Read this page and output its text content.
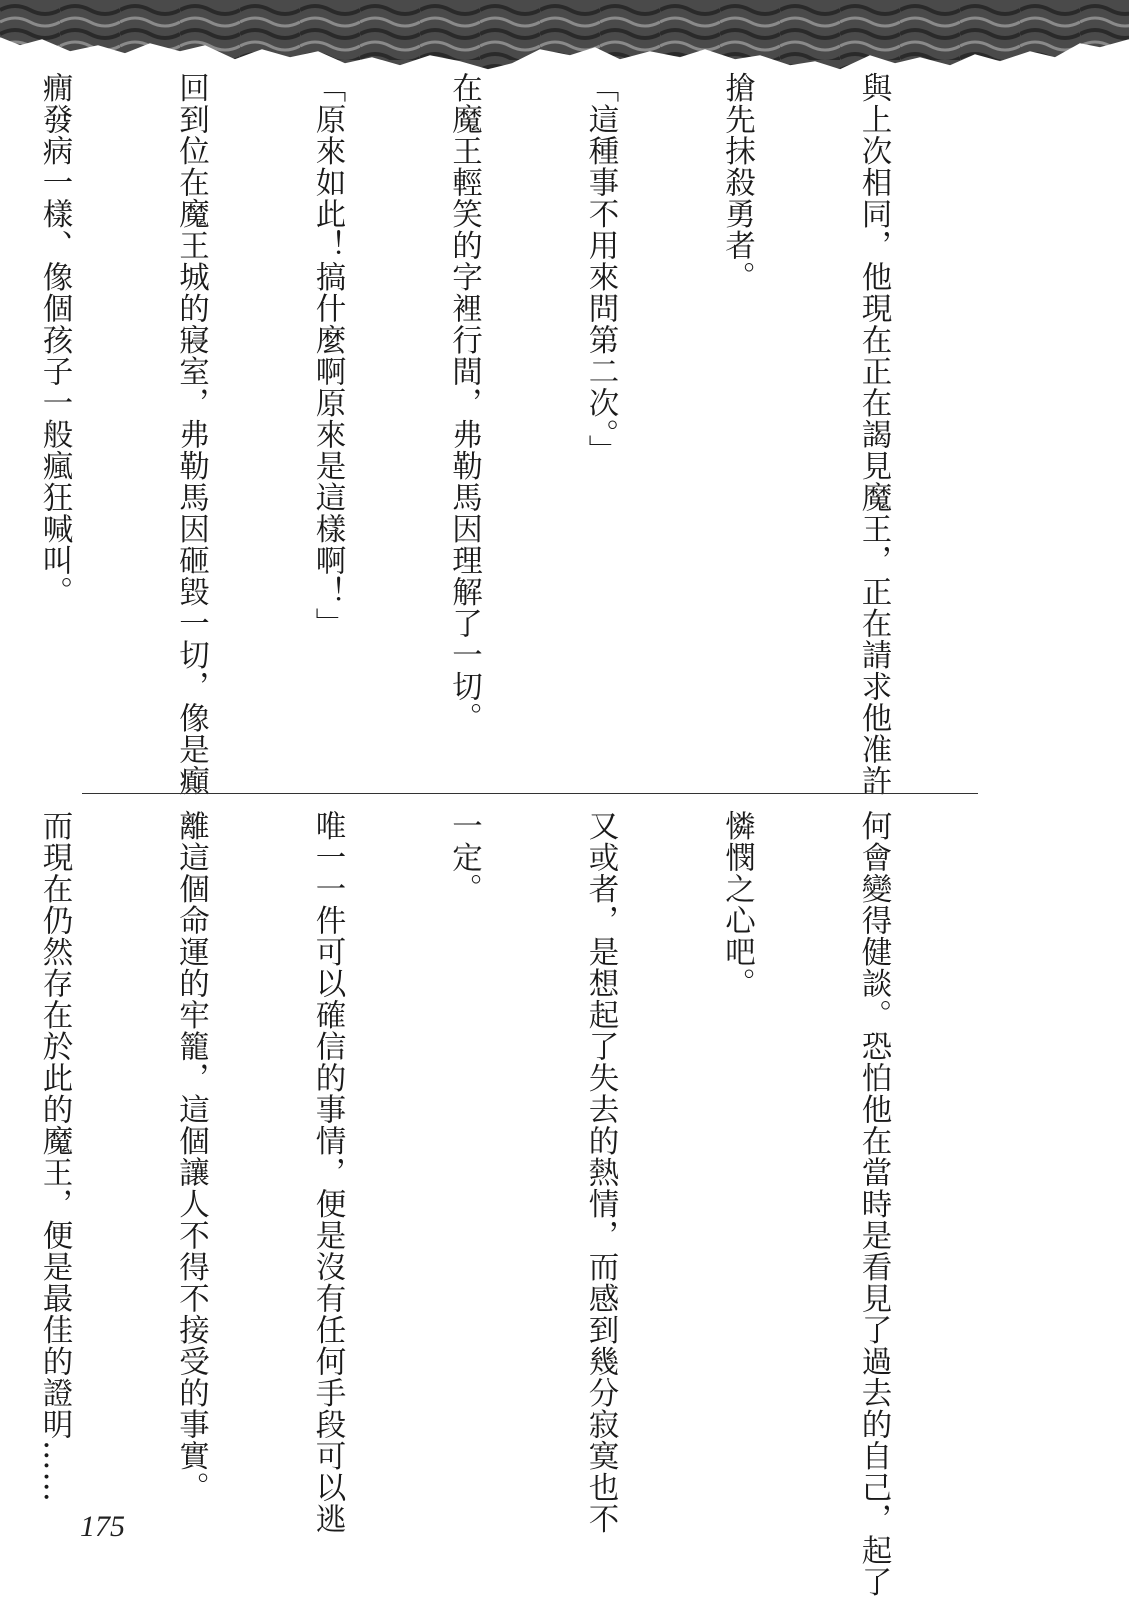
與上次相同，他現在正在謁見魔王，正在請求他准許

搶先抹殺勇者。

「這種事不用來問第二次。」

在魔王輕笑的字裡行間，弗勒馬因理解了一切。

「原來如此！搞什麼啊原來是這樣啊！」

回到位在魔王城的寢室，弗勒馬因砸毀一切，像是癲

癇發病一樣、像個孩子一般瘋狂喊叫。

何會變得健談。恐怕他在當時是看見了過去的自己，起了

憐憫之心吧。

又或者，是想起了失去的熱情，而感到幾分寂寞也不

一定。

唯一一件可以確信的事情，便是沒有任何手段可以逃

離這個命運的牢籠，這個讓人不得不接受的事實。

而現在仍然存在於此的魔王，便是最佳的證明……

175
